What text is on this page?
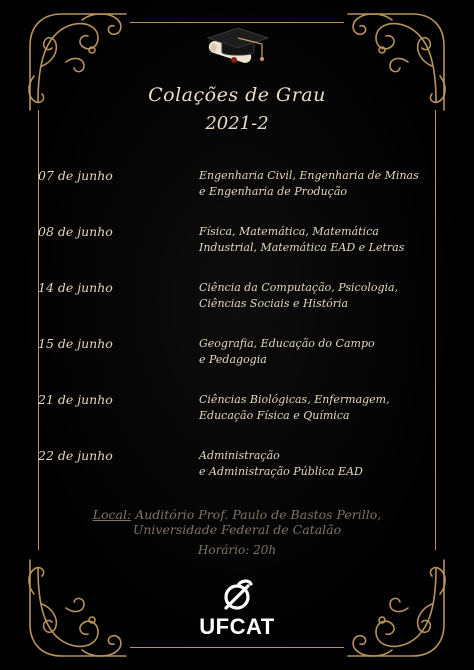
Colações de Grau
2021-2
07 de junho	Engenharia Civil, Engenharia de Minas
e Engenharia de Produção
08 de junho	Física, Matemática, Matemática
Industrial, Matemática EAD e Letras
14 de junho	Ciência da Computação, Psicologia,
Ciências Sociais e História
15 de junho	Geografia, Educação do Campo
e Pedagogia
21 de junho	Ciências Biológicas, Enfermagem,
Educação Física e Química
22 de junho	Administração
e Administração Pública EAD
Local: Auditório Prof. Paulo de Bastos Perillo,
Universidade Federal de Catalão
Horário: 20h
UFCAT
